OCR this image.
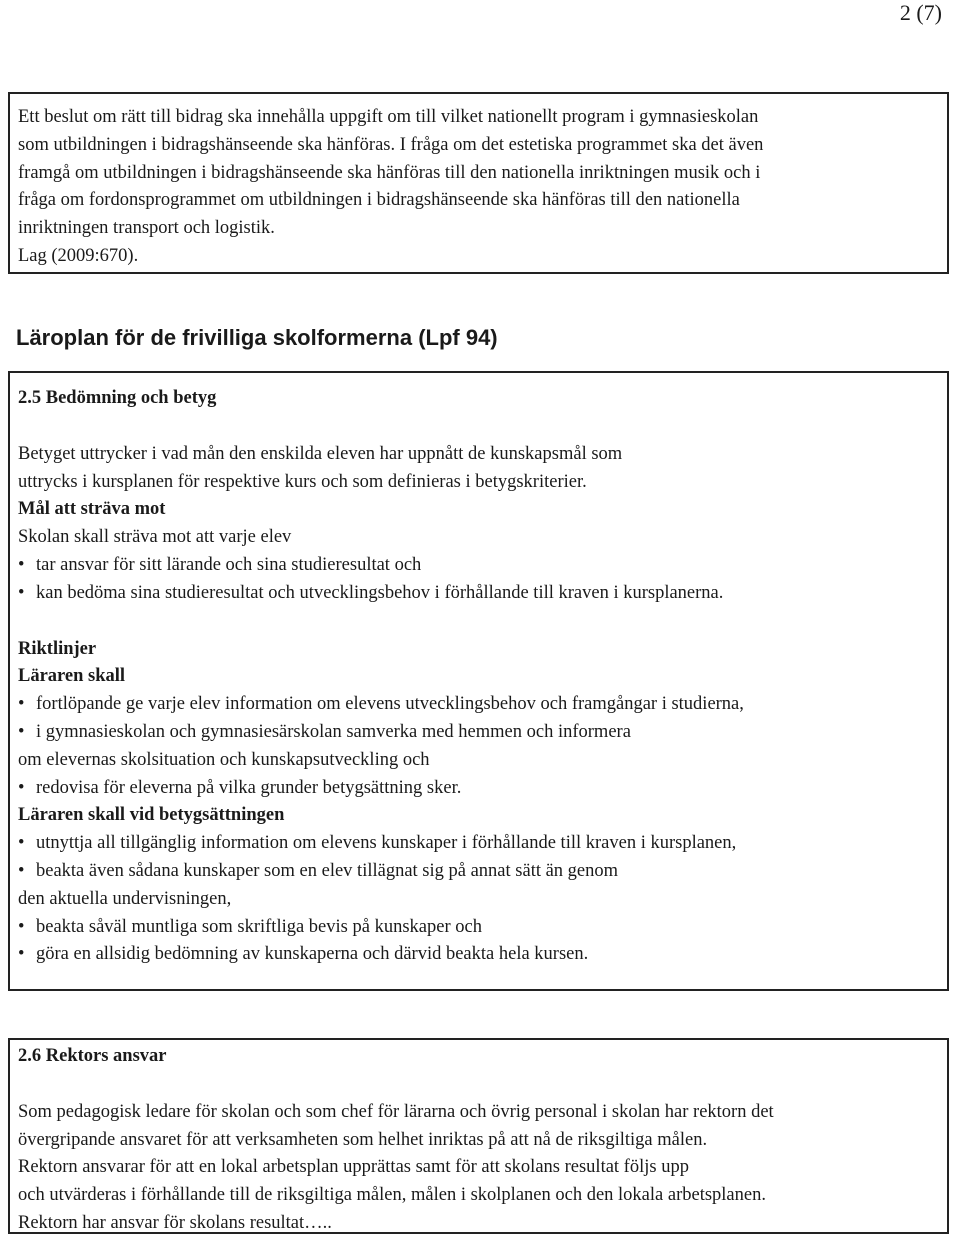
2 (7)
Ett beslut om rätt till bidrag ska innehålla uppgift om till vilket nationellt program i gymnasieskolan
som utbildningen i bidragshänseende ska hänföras. I fråga om det estetiska programmet ska det även
framgå om utbildningen i bidragshänseende ska hänföras till den nationella inriktningen musik och i
fråga om fordonsprogrammet om utbildningen i bidragshänseende ska hänföras till den nationella
inriktningen transport och logistik.
Lag (2009:670).
Läroplan för de frivilliga skolformerna (Lpf 94)
2.5 Bedömning och betyg
Betyget uttrycker i vad mån den enskilda eleven har uppnått de kunskapsmål som
uttrycks i kursplanen för respektive kurs och som definieras i betygskriterier.
Mål att sträva mot
Skolan skall sträva mot att varje elev
• tar ansvar för sitt lärande och sina studieresultat och
• kan bedöma sina studieresultat och utvecklingsbehov i förhållande till kraven i kursplanerna.
Riktlinjer
Läraren skall
• fortlöpande ge varje elev information om elevens utvecklingsbehov och framgångar i studierna,
• i gymnasieskolan och gymnasiesärskolan samverka med hemmen och informera
om elevernas skolsituation och kunskapsutveckling och
• redovisa för eleverna på vilka grunder betygsättning sker.
Läraren skall vid betygsättningen
• utnyttja all tillgänglig information om elevens kunskaper i förhållande till kraven i kursplanen,
• beakta även sådana kunskaper som en elev tillägnat sig på annat sätt än genom
den aktuella undervisningen,
• beakta såväl muntliga som skriftliga bevis på kunskaper och
• göra en allsidig bedömning av kunskaperna och därvid beakta hela kursen.
2.6 Rektors ansvar
Som pedagogisk ledare för skolan och som chef för lärarna och övrig personal i skolan har rektorn det
övergripande ansvaret för att verksamheten som helhet inriktas på att nå de riksgiltiga målen.
Rektorn ansvarar för att en lokal arbetsplan upprättas samt för att skolans resultat följs upp
och utvärderas i förhållande till de riksgiltiga målen, målen i skolplanen och den lokala arbetsplanen.
Rektorn har ansvar för skolans resultat…..
